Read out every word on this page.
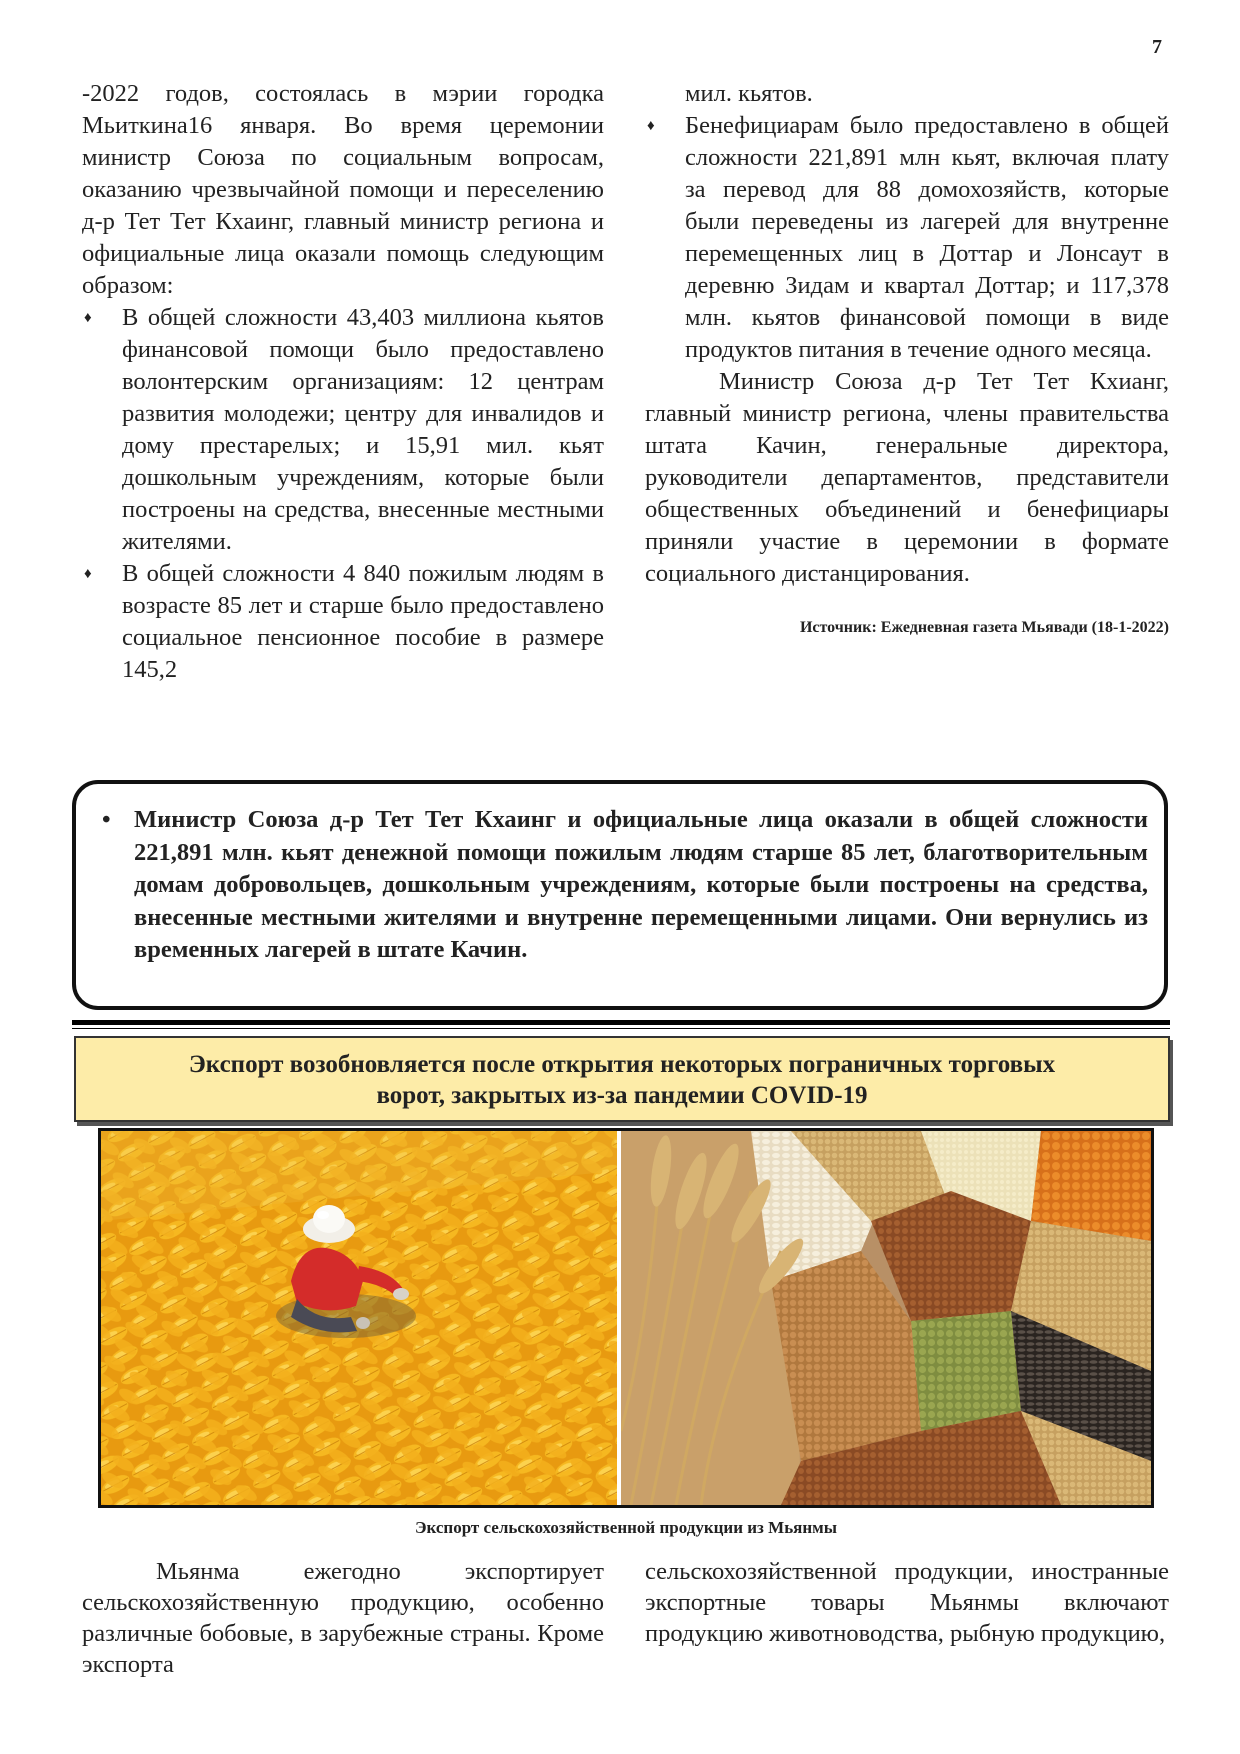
7

-2022 годов, состоялась в мэрии городка Мьиткина16 января. Во время церемонии министр Союза по социальным вопросам, оказанию чрезвычайной помощи и переселению д-р Тет Тет Кхаинг, главный министр региона и официальные лица оказали помощь следующим образом:

♦ В общей сложности 43,403 миллиона кьятов финансовой помощи было предоставлено волонтерским организациям: 12 центрам развития молодежи; центру для инвалидов и дому престарелых; и 15,91 мил. кьят дошкольным учреждениям, которые были построены на средства, внесенные местными жителями.
♦ В общей сложности 4 840 пожилым людям в возрасте 85 лет и старше было предоставлено социальное пенсионное пособие в размере 145,2

мил. кьятов.

♦ Бенефициарам было предоставлено в общей сложности 221,891 млн кьят, включая плату за перевод для 88 домохозяйств, которые были переведены из лагерей для внутренне перемещенных лиц в Доттар и Лонсаут в деревню Зидам и квартал Доттар; и 117,378 млн. кьятов финансовой помощи в виде продуктов питания в течение одного месяца.

Министр Союза д-р Тет Тет Кхианг, главный министр региона, члены правительства штата Качин, генеральные директора, руководители департаментов, представители общественных объединений и бенефициары приняли участие в церемонии в формате социального дистанцирования.

Источник: Ежедневная газета Мьявади (18-1-2022)

• Министр Союза д-р Тет Тет Кхаинг и официальные лица оказали в общей сложности 221,891 млн. кьят денежной помощи пожилым людям старше 85 лет, благотворительным домам добровольцев, дошкольным учреждениям, которые были построены на средства, внесенные местными жителями и внутренне перемещенными лицами. Они вернулись из временных лагерей в штате Качин.
Экспорт возобновляется после открытия некоторых пограничных торговых
ворот, закрытых из-за пандемии COVID-19
Экспорт сельскохозяйственной продукции из Мьянмы

Мьянма ежегодно экспортирует сельскохозяйственную продукцию, особенно различные бобовые, в зарубежные страны. Кроме экспорта

сельскохозяйственной продукции, иностранные экспортные товары Мьянмы включают продукцию животноводства, рыбную продукцию,
